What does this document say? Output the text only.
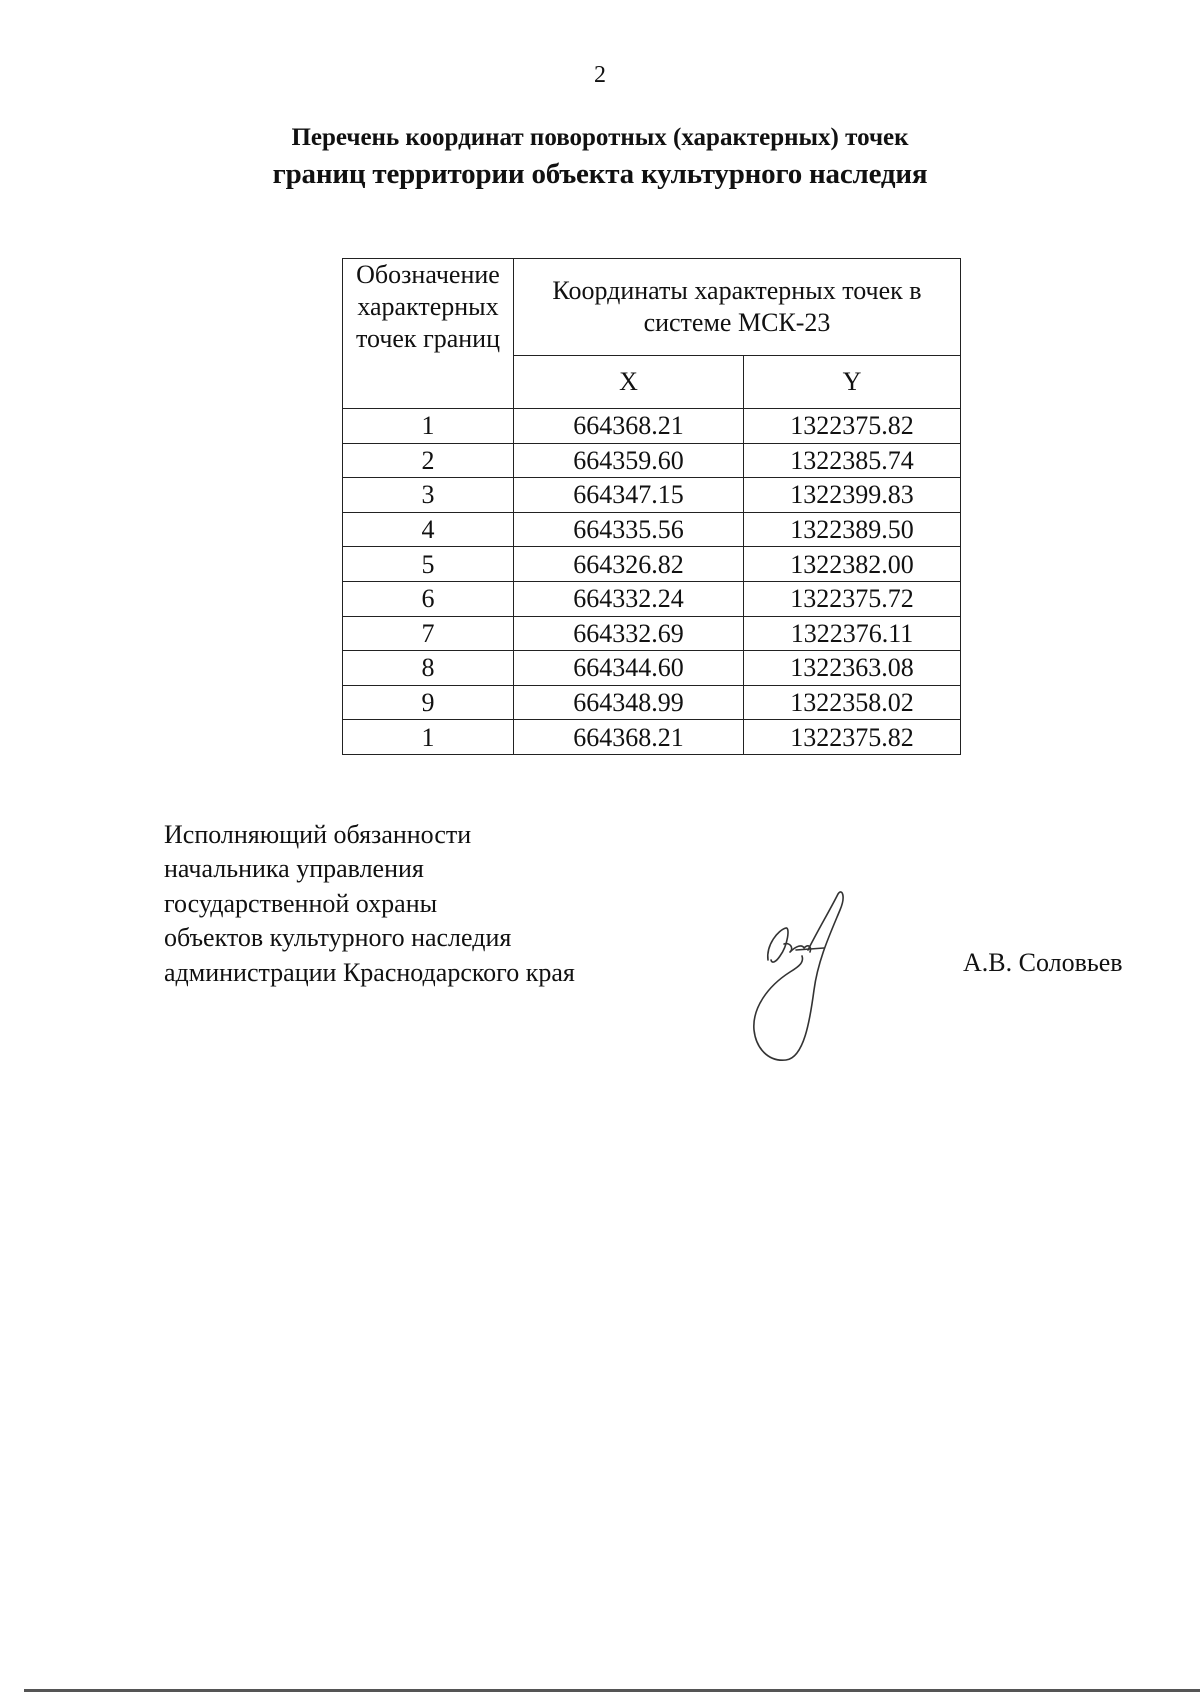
2
Перечень координат поворотных (характерных) точек
границ территории объекта культурного наследия
Обозначение характерных точек границ	Координаты характерных точек в системе МСК-23	
	X	Y
1	664368.21	1322375.82
2	664359.60	1322385.74
3	664347.15	1322399.83
4	664335.56	1322389.50
5	664326.82	1322382.00
6	664332.24	1322375.72
7	664332.69	1322376.11
8	664344.60	1322363.08
9	664348.99	1322358.02
1	664368.21	1322375.82
Исполняющий обязанности
начальника управления
государственной охраны
объектов культурного наследия
администрации Краснодарского края	А.В. Соловьев
